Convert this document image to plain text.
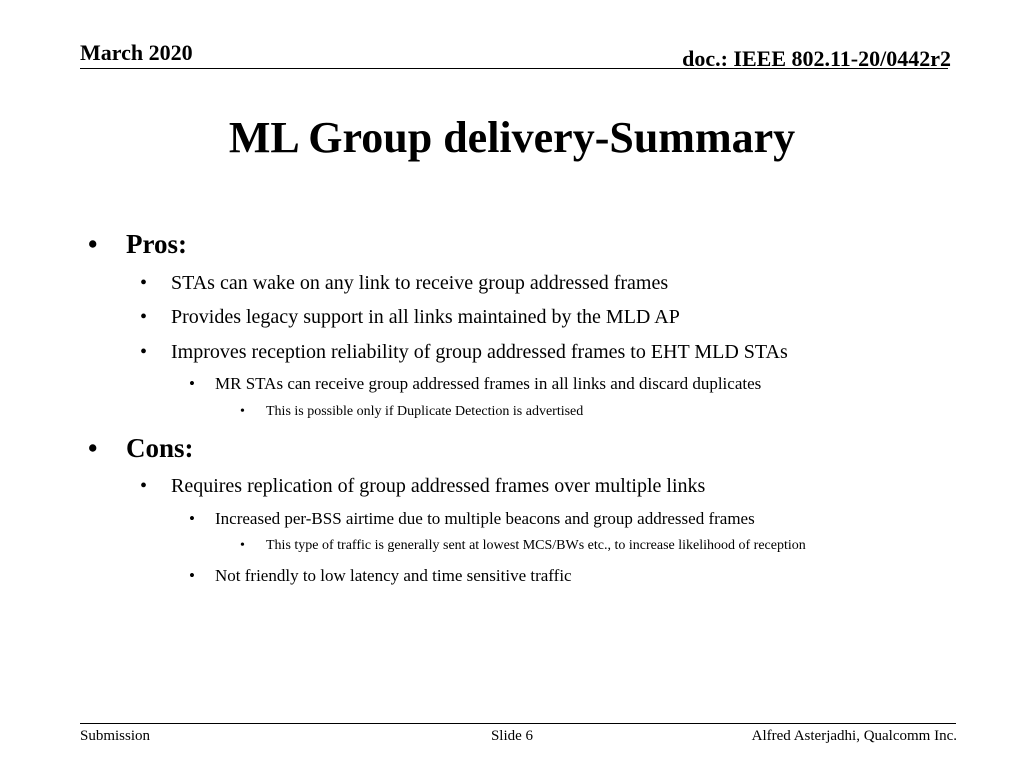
March 2020	doc.: IEEE 802.11-20/0442r2
ML Group delivery-Summary
• Pros:
• STAs can wake on any link to receive group addressed frames
• Provides legacy support in all links maintained by the MLD AP
• Improves reception reliability of group addressed frames to EHT MLD STAs
• MR STAs can receive group addressed frames in all links and discard duplicates
• This is possible only if Duplicate Detection is advertised
• Cons:
• Requires replication of group addressed frames over multiple links
• Increased per-BSS airtime due to multiple beacons and group addressed frames
• This type of traffic is generally sent at lowest MCS/BWs etc., to increase likelihood of reception
• Not friendly to low latency and time sensitive traffic
Submission	Slide 6	Alfred Asterjadhi, Qualcomm Inc.
